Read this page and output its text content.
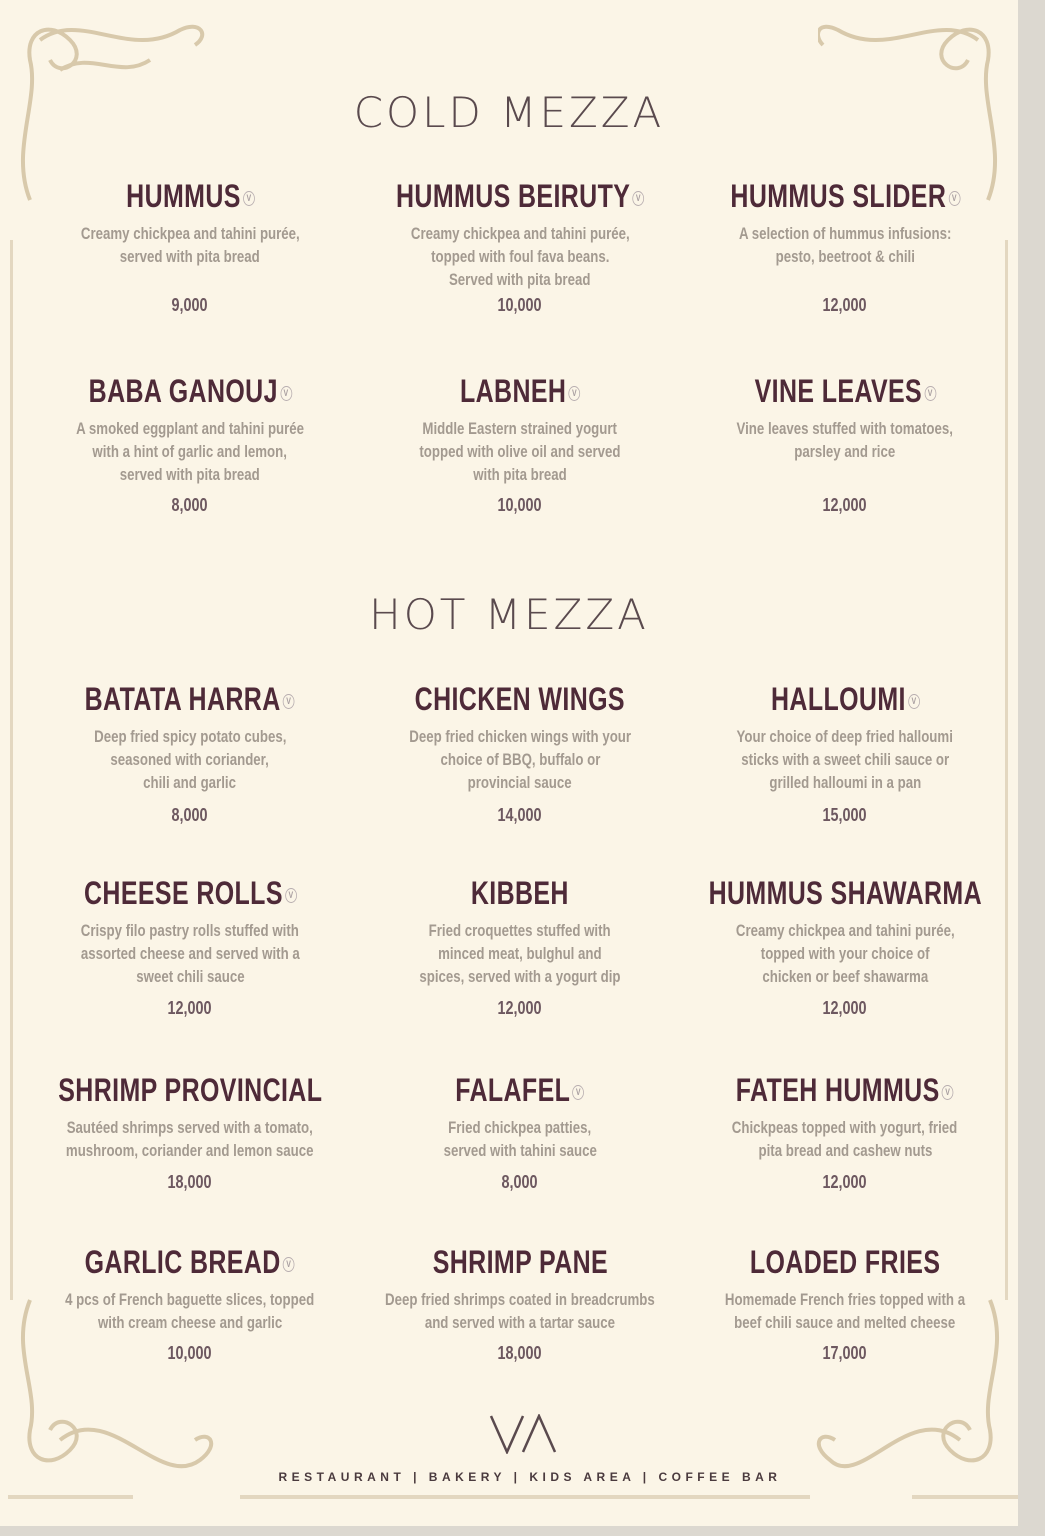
COLD MEZZA
HUMMUS V
Creamy chickpea and tahini purée,
served with pita bread

9,000
HUMMUS BEIRUTY V
Creamy chickpea and tahini purée,
topped with foul fava beans.
Served with pita bread

10,000
HUMMUS SLIDER V
A selection of hummus infusions:
pesto, beetroot & chili

12,000
BABA GANOUJ V
A smoked eggplant and tahini purée
with a hint of garlic and lemon,
served with pita bread

8,000
LABNEH V
Middle Eastern strained yogurt
topped with olive oil and served
with pita bread

10,000
VINE LEAVES V
Vine leaves stuffed with tomatoes,
parsley and rice

12,000
HOT MEZZA
BATATA HARRA V
Deep fried spicy potato cubes,
seasoned with coriander,
chili and garlic

8,000
CHICKEN WINGS
Deep fried chicken wings with your
choice of BBQ, buffalo or
provincial sauce

14,000
HALLOUMI V
Your choice of deep fried halloumi
sticks with a sweet chili sauce or
grilled halloumi in a pan

15,000
CHEESE ROLLS V
Crispy filo pastry rolls stuffed with
assorted cheese and served with a
sweet chili sauce

12,000
KIBBEH
Fried croquettes stuffed with
minced meat, bulghul and
spices, served with a yogurt dip

12,000
HUMMUS SHAWARMA
Creamy chickpea and tahini purée,
topped with your choice of
chicken or beef shawarma

12,000
SHRIMP PROVINCIAL
Sautéed shrimps served with a tomato,
mushroom, coriander and lemon sauce

18,000
FALAFEL V
Fried chickpea patties,
served with tahini sauce

8,000
FATEH HUMMUS V
Chickpeas topped with yogurt, fried
pita bread and cashew nuts

12,000
GARLIC BREAD V
4 pcs of French baguette slices, topped
with cream cheese and garlic

10,000
SHRIMP PANE
Deep fried shrimps coated in breadcrumbs
and served with a tartar sauce

18,000
LOADED FRIES
Homemade French fries topped with a
beef chili sauce and melted cheese

17,000
RESTAURANT | BAKERY | KIDS AREA | COFFEE BAR
